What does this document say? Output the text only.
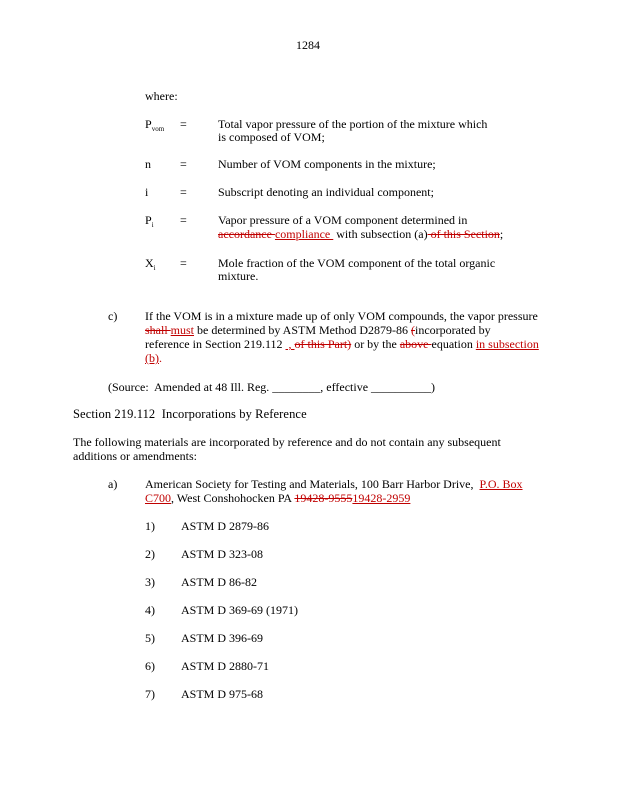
1284
where:
$P_{vom}$ =	Total vapor pressure of the portion of the mixture which
is composed of VOM;
n =	Number of VOM components in the mixture;
i	=	Subscript denoting an individual component;
$P_i$ =	Vapor pressure of a VOM component determined in
accordance compliance  with subsection (a) of this Section;
$X_i$ =	Mole fraction of the VOM component of the total organic
mixture.
c) If the VOM is in a mixture made up of only VOM compounds, the vapor pressure
shall must be determined by ASTM Method D2879-86 (incorporated by
reference in Section 219.112  , of this Part) or by the above equation in subsection
(b).
(Source:  Amended at 48 Ill. Reg. ________, effective __________)
Section 219.112  Incorporations by Reference
The following materials are incorporated by reference and do not contain any subsequent
additions or amendments:
a) American Society for Testing and Materials, 100 Barr Harbor Drive,  P.O. Box
C700, West Conshohocken PA 19428-955519428-2959
1) ASTM D 2879-86
2) ASTM D 323-08
3) ASTM D 86-82
4) ASTM D 369-69 (1971)
5) ASTM D 396-69
6) ASTM D 2880-71
7) ASTM D 975-68
